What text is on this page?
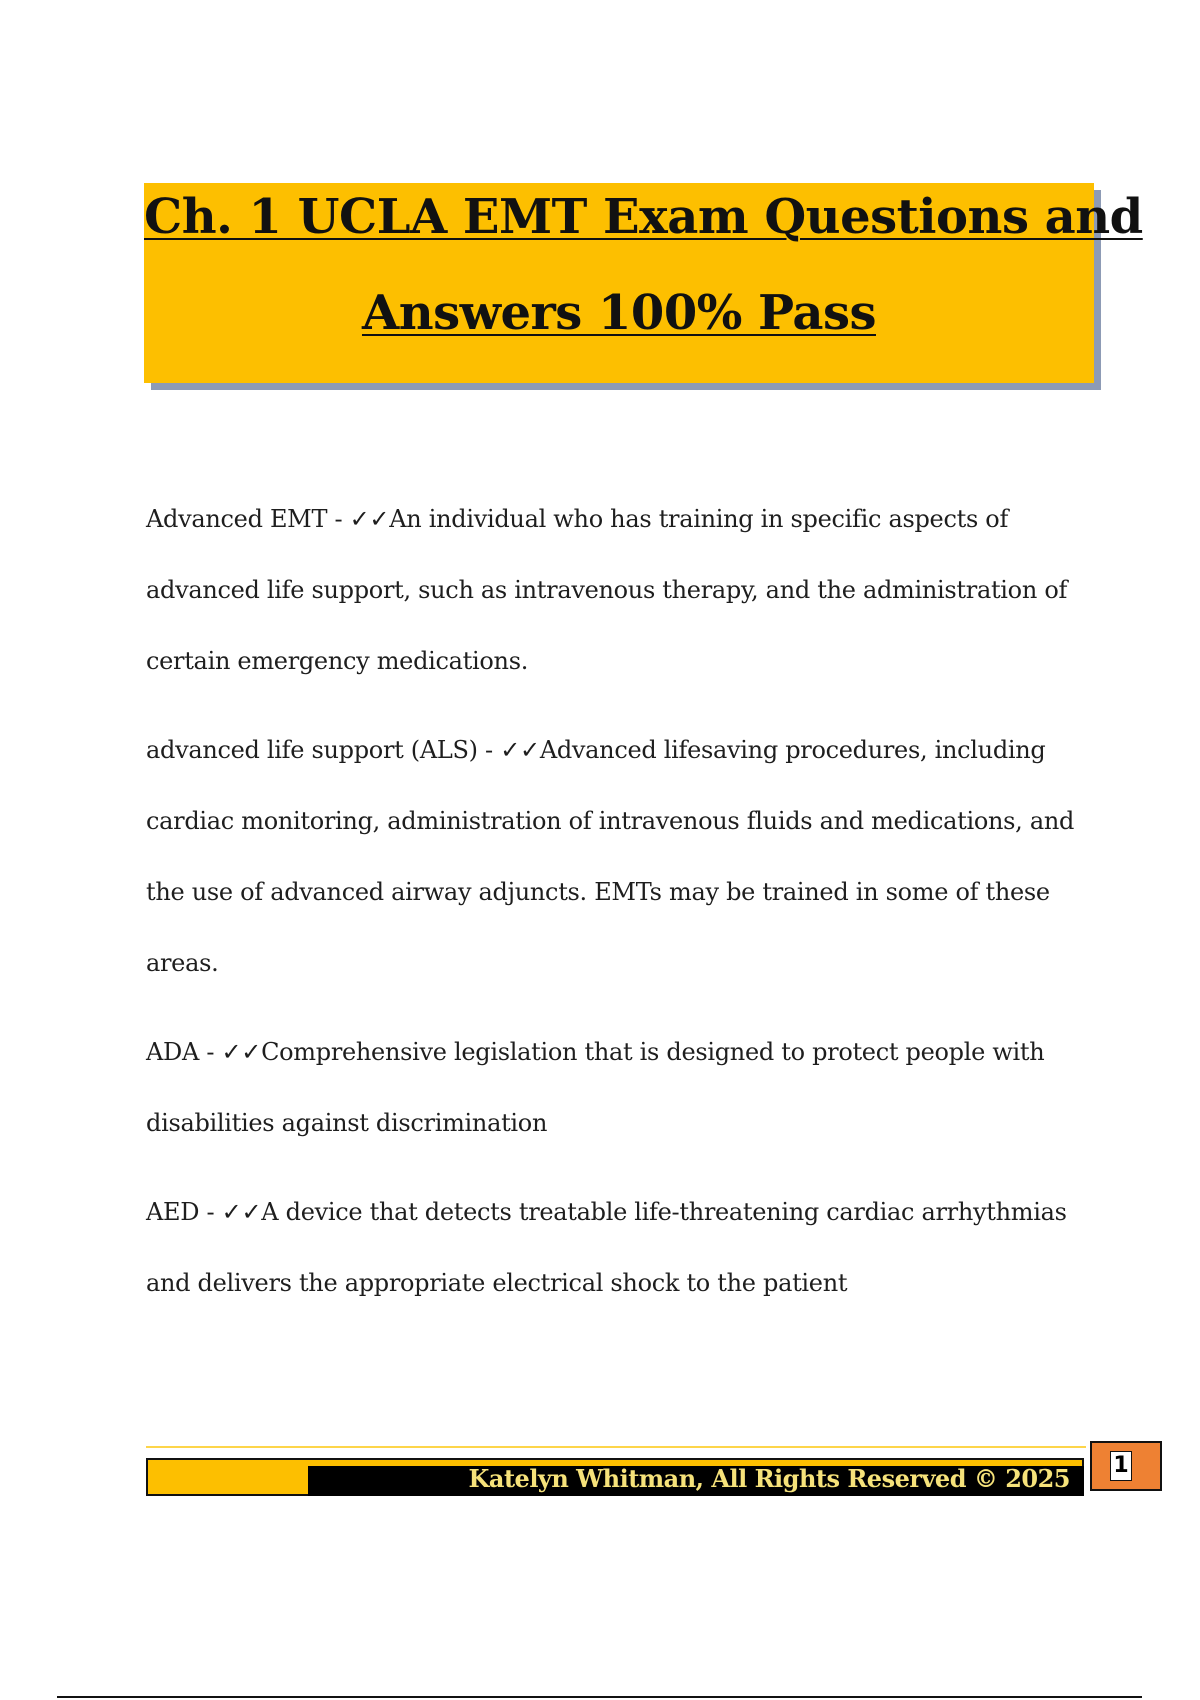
Ch. 1 UCLA EMT Exam Questions and
Answers 100% Pass

Advanced EMT - ✓✓An individual who has training in specific aspects of advanced life support, such as intravenous therapy, and the administration of certain emergency medications.

advanced life support (ALS) - ✓✓Advanced lifesaving procedures, including cardiac monitoring, administration of intravenous fluids and medications, and the use of advanced airway adjuncts. EMTs may be trained in some of these areas.

ADA - ✓✓Comprehensive legislation that is designed to protect people with disabilities against discrimination

AED - ✓✓A device that detects treatable life-threatening cardiac arrhythmias and delivers the appropriate electrical shock to the patient

Katelyn Whitman, All Rights Reserved © 2025 1
